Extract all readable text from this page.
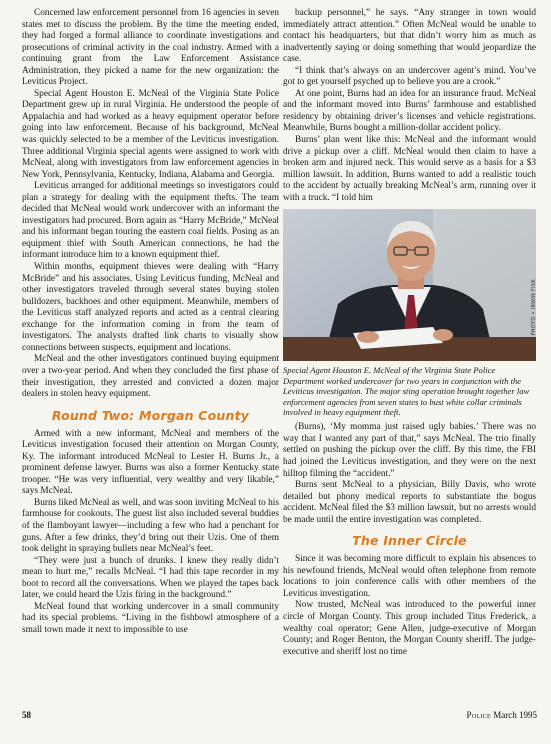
Concerned law enforcement personnel from 16 agencies in seven states met to discuss the problem. By the time the meeting ended, they had forged a formal alliance to coordinate investigations and prosecutions of criminal activity in the coal industry. Armed with a continuing grant from the Law Enforcement Assistance Administration, they picked a name for the new organization: the Leviticus Project.

Special Agent Houston E. McNeal of the Virginia State Police Department grew up in rural Virginia. He understood the people of Appalachia and had worked as a heavy equipment operator before going into law enforcement. Because of his background, McNeal was quickly selected to be a member of the Leviticus investigation. Three additional Virginia special agents were assigned to work with McNeal, along with investigators from law enforcement agencies in New York, Pennsylvania, Kentucky, Indiana, Alabama and Georgia.

Leviticus arranged for additional meetings so investigators could plan a strategy for dealing with the equipment thefts. The team decided that McNeal would work undercover with an informant the investigators had procured. Born again as “Harry McBride,” McNeal and his informant began touring the eastern coal fields. Posing as an equipment thief with South American connections, he had the informant introduce him to a known equipment thief.

Within months, equipment thieves were dealing with “Harry McBride” and his associates. Using Leviticus funding, McNeal and other investigators traveled through several states buying stolen bulldozers, backhoes and other equipment. Meanwhile, members of the Leviticus staff analyzed reports and acted as a central clearing exchange for the information coming in from the team of investigators. The analysts drafted link charts to visually show connections between suspects, equipment and locations.

McNeal and the other investigators continued buying equipment over a two-year period. And when they concluded the first phase of their investigation, they arrested and convicted a dozen major dealers in stolen heavy equipment.

Round Two: Morgan County

Armed with a new informant, McNeal and members of the Leviticus investigation focused their attention on Morgan County, Ky. The informant introduced McNeal to Lester H. Burns Jr., a prominent defense lawyer. Burns was also a former Kentucky state trooper. “He was very influential, very wealthy and very likable,” says McNeal.

Burns liked McNeal as well, and was soon inviting McNeal to his farmhouse for cookouts. The guest list also included several buddies of the flamboyant lawyer—including a few who had a penchant for guns. After a few drinks, they’d bring out their Uzis. One of them took delight in spraying bullets near McNeal’s feet.

“They were just a bunch of drunks. I knew they really didn’t mean to hurt me,” recalls McNeal. “I had this tape recorder in my boot to record all the conversations. When we played the tapes back later, we could heard the Uzis firing in the background.”

McNeal found that working undercover in a small community had its special problems. “Living in the fishbowl atmosphere of a small town made it next to impossible to use

backup personnel,” he says. “Any stranger in town would immediately attract attention.” Often McNeal would be unable to contact his headquarters, but that didn’t worry him as much as inadvertently saying or doing something that would jeopardize the case.

“I think that’s always on an undercover agent’s mind. You’ve got to get yourself psyched up to believe you are a crook.”

At one point, Burns had an idea for an insurance fraud. McNeal and the informant moved into Burns’ farmhouse and established residency by obtaining driver’s licenses and vehicle registrations. Meanwhile, Burns bought a million-dollar accident policy.

Burns’ plan went like this: McNeal and the informant would drive a pickup over a cliff. McNeal would then claim to have a broken arm and injured neck. This would serve as a basis for a $3 million lawsuit. In addition, Burns wanted to add a realistic touch to the accident by actually breaking McNeal’s arm, running over it with a truck. “I told him

PHOTO • IRWIN FISK

Special Agent Houston E. McNeal of the Virginia State Police Department worked undercover for two years in conjunction with the Leviticus investigation. The major sting operation brought together law enforcement agencies from seven states to bust white collar criminals involved in heavy equipment theft.

(Burns), ‘My momma just raised ugly babies.’ There was no way that I wanted any part of that,” says McNeal. The trio finally settled on pushing the pickup over the cliff. By this time, the FBI had joined the Leviticus investigation, and they were on the next hilltop filming the “accident.”

Burns sent McNeal to a physician, Billy Davis, who wrote detailed but phony medical reports to substantiate the bogus accident. McNeal filed the $3 million lawsuit, but no arrests would be made until the entire investigation was completed.

The Inner Circle

Since it was becoming more difficult to explain his absences to his newfound friends, McNeal would often telephone from remote locations to join conference calls with other members of the Leviticus investigation.

Now trusted, McNeal was introduced to the powerful inner circle of Morgan County. This group included Titus Frederick, a wealthy coal operator; Gene Allen, judge-executive of Morgan County; and Roger Benton, the Morgan County sheriff. The judge-executive and sheriff lost no time

58	Police March 1995
